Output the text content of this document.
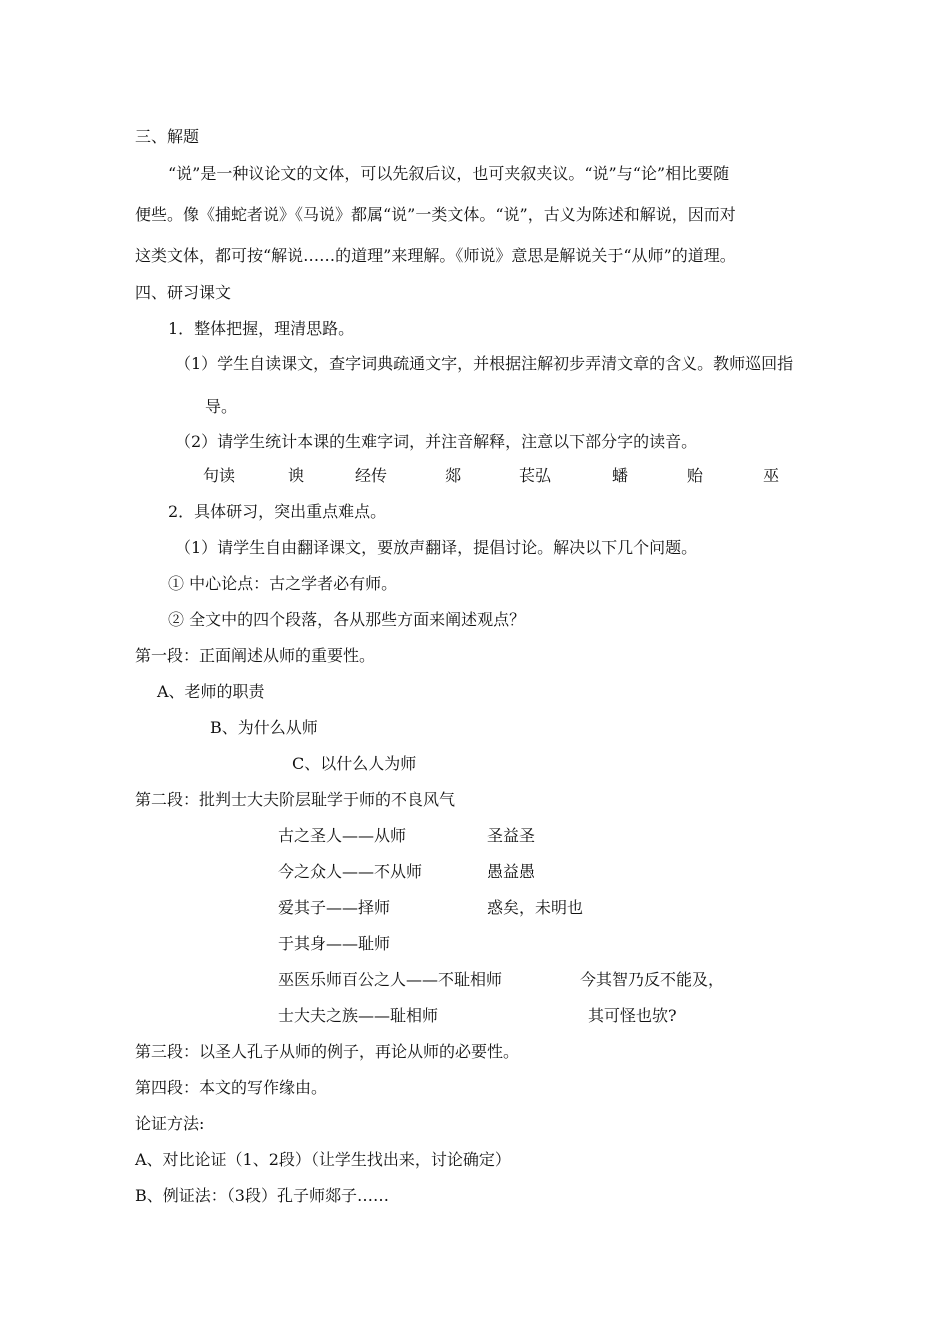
三、解题

“说”是一种议论文的文体，可以先叙后议，也可夹叙夹议。“说”与“论”相比要随

便些。像《捕蛇者说》《马说》都属“说”一类文体。“说”，古义为陈述和解说，因而对

这类文体，都可按“解说……的道理”来理解。《师说》意思是解说关于“从师”的道理。

四、研习课文

1．整体把握，理清思路。

（1）学生自读课文，查字词典疏通文字，并根据注解初步弄清文章的含义。教师巡回指

导。

（2）请学生统计本课的生难字词，并注音解释，注意以下部分字的读音。

句读	谀	经传	郯	苌弘	蟠	贻	巫

2．具体研习，突出重点难点。

（1）请学生自由翻译课文，要放声翻译，提倡讨论。解决以下几个问题。

① 中心论点：古之学者必有师。

② 全文中的四个段落，各从那些方面来阐述观点？

第一段：正面阐述从师的重要性。

A、老师的职责

B、为什么从师

C、以什么人为师

第二段：批判士大夫阶层耻学于师的不良风气

古之圣人——从师	圣益圣

今之众人——不从师	愚益愚

爱其子——择师	惑矣，未明也

于其身——耻师

巫医乐师百公之人——不耻相师	今其智乃反不能及，

士大夫之族——耻相师	其可怪也欤?

第三段：以圣人孔子从师的例子，再论从师的必要性。

第四段：本文的写作缘由。

论证方法:

A、对比论证（1、2段）（让学生找出来，讨论确定）

B、例证法：（3段）孔子师郯子……
